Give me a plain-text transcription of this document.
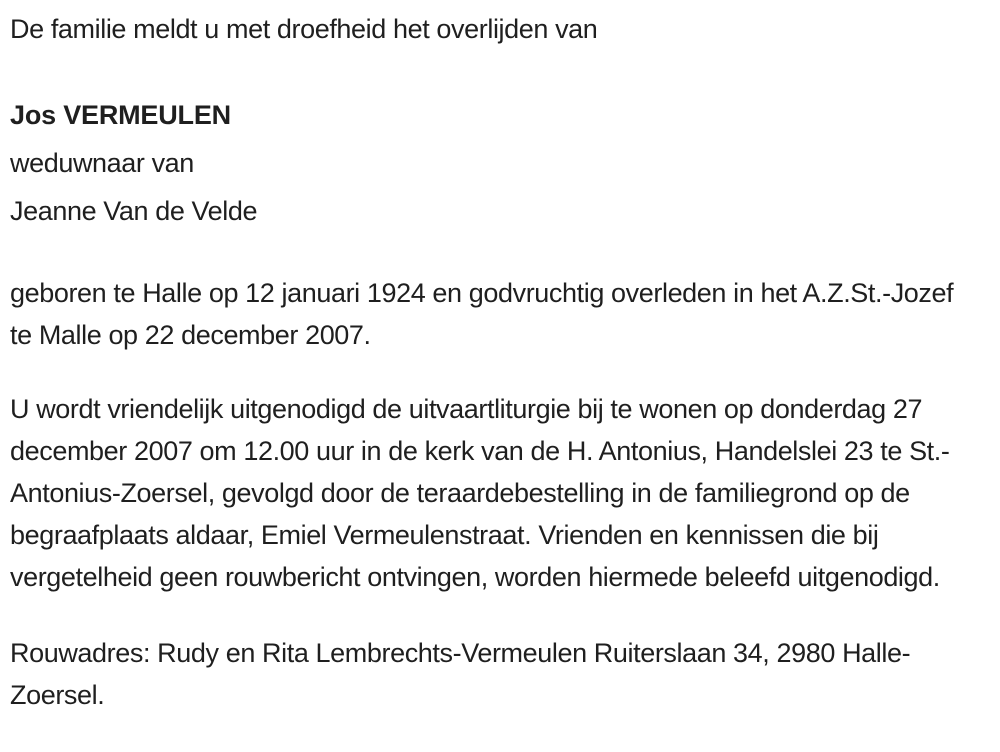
De familie meldt u met droefheid het overlijden van

Jos VERMEULEN

weduwnaar van

Jeanne Van de Velde

geboren te Halle op 12 januari 1924 en godvruchtig overleden in het A.Z.St.-Jozef te Malle op 22 december 2007.

U wordt vriendelijk uitgenodigd de uitvaartliturgie bij te wonen op donderdag 27 december 2007 om 12.00 uur in de kerk van de H. Antonius, Handelslei 23 te St.-Antonius-Zoersel, gevolgd door de teraardebestelling in de familiegrond op de begraafplaats aldaar, Emiel Vermeulenstraat. Vrienden en kennissen die bij vergetelheid geen rouwbericht ontvingen, worden hiermede beleefd uitgenodigd.

Rouwadres: Rudy en Rita Lembrechts-Vermeulen Ruiterslaan 34, 2980 Halle-Zoersel.
